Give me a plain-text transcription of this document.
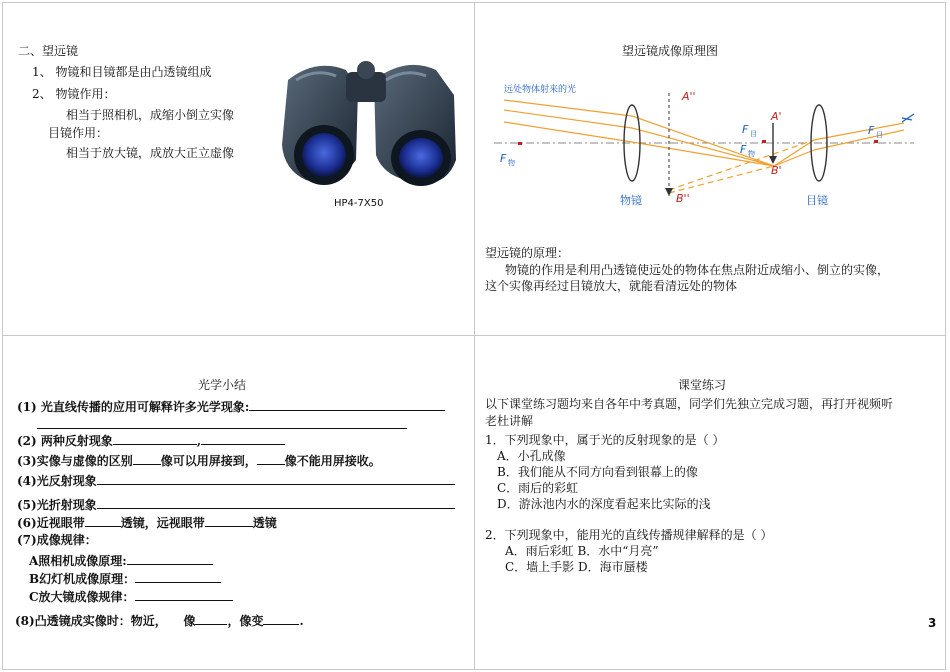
二、望远镜
1、 物镜和目镜都是由凸透镜组成
2、 物镜作用：
相当于照相机，成缩小倒立实像
目镜作用：
相当于放大镜，成放大正立虚像
HP4-7X50
望远镜成像原理图
远处物体射来的光	A''
A'
F 目
F 物
B'
B''
F 物
F 目
物镜	目镜
望远镜的原理：
物镜的作用是利用凸透镜使远处的物体在焦点附近成缩小、倒立的实像，
这个实像再经过目镜放大，就能看清远处的物体
光学小结
(1) 光直线传播的应用可解释许多光学现象:
(2) 两种反射现象	,
(3)实像与虚像的区别 像可以用屏接到， 像不能用屏接收。
(4)光反射现象
(5)光折射现象
(6)近视眼带	透镜，远视眼带	透镜
(7)成像规律：
A照相机成像原理:
B幻灯机成像原理：
C放大镜成像规律：
(8)凸透镜成实像时：物近， 像	，像变	.
课堂练习
以下课堂练习题均来自各年中考真题，同学们先独立完成习题，再打开视频听
老杜讲解
1．下列现象中，属于光的反射现象的是（ ）
A．小孔成像
B．我们能从不同方向看到银幕上的像
C．雨后的彩虹
D．游泳池内水的深度看起来比实际的浅
2．下列现象中，能用光的直线传播规律解释的是（ ）
A．雨后彩虹 B．水中“月亮”
C．墙上手影 D．海市蜃楼
3
